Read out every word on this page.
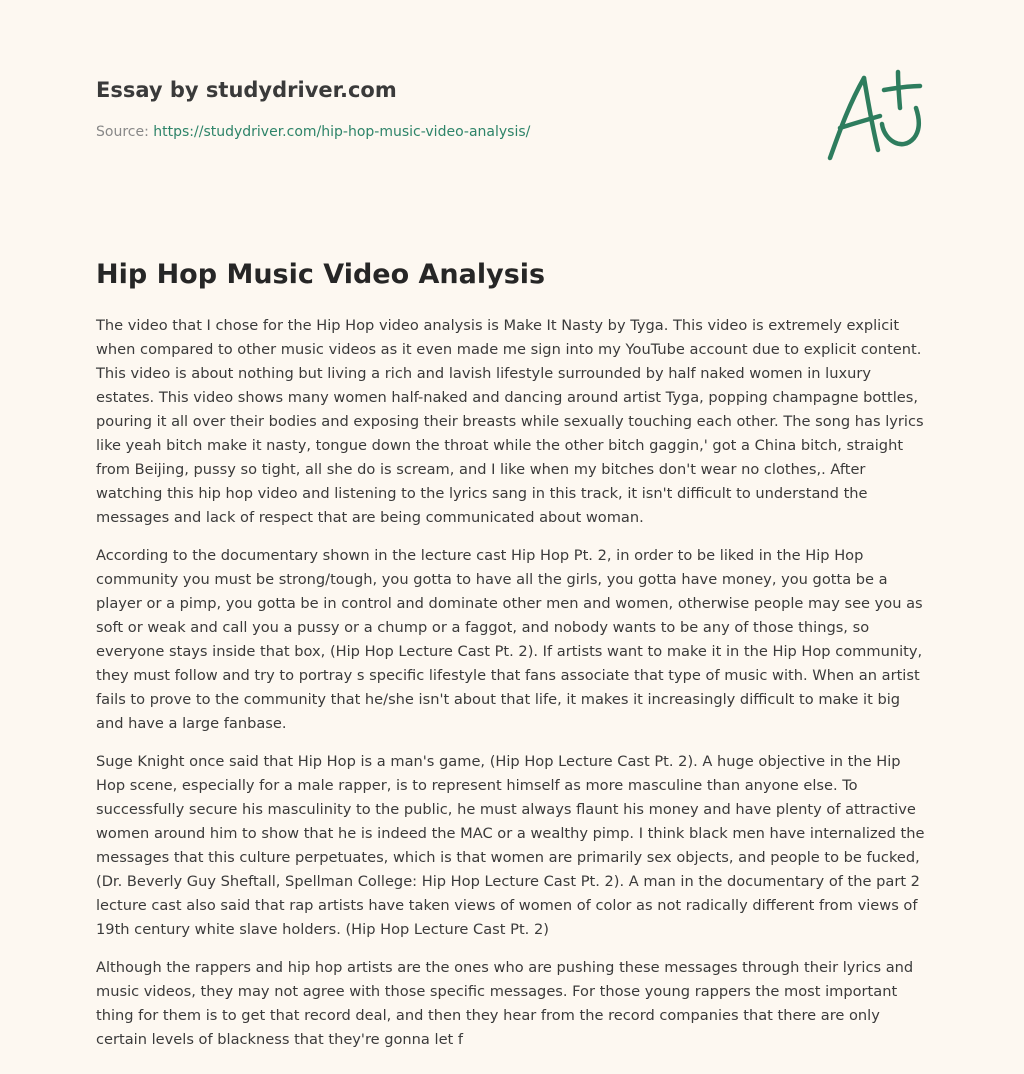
Essay by studydriver.com
Source: https://studydriver.com/hip-hop-music-video-analysis/
Hip Hop Music Video Analysis

The video that I chose for the Hip Hop video analysis is Make It Nasty by Tyga. This video is extremely explicit when compared to other music videos as it even made me sign into my YouTube account due to explicit content. This video is about nothing but living a rich and lavish lifestyle surrounded by half naked women in luxury estates. This video shows many women half-naked and dancing around artist Tyga, popping champagne bottles, pouring it all over their bodies and exposing their breasts while sexually touching each other. The song has lyrics like yeah bitch make it nasty, tongue down the throat while the other bitch gaggin,' got a China bitch, straight from Beijing, pussy so tight, all she do is scream, and I like when my bitches don't wear no clothes,. After watching this hip hop video and listening to the lyrics sang in this track, it isn't difficult to understand the messages and lack of respect that are being communicated about woman.

According to the documentary shown in the lecture cast Hip Hop Pt. 2, in order to be liked in the Hip Hop community you must be strong/tough, you gotta to have all the girls, you gotta have money, you gotta be a player or a pimp, you gotta be in control and dominate other men and women, otherwise people may see you as soft or weak and call you a pussy or a chump or a faggot, and nobody wants to be any of those things, so everyone stays inside that box, (Hip Hop Lecture Cast Pt. 2). If artists want to make it in the Hip Hop community, they must follow and try to portray s specific lifestyle that fans associate that type of music with. When an artist fails to prove to the community that he/she isn't about that life, it makes it increasingly difficult to make it big and have a large fanbase.

Suge Knight once said that Hip Hop is a man's game, (Hip Hop Lecture Cast Pt. 2). A huge objective in the Hip Hop scene, especially for a male rapper, is to represent himself as more masculine than anyone else. To successfully secure his masculinity to the public, he must always flaunt his money and have plenty of attractive women around him to show that he is indeed the MAC or a wealthy pimp. I think black men have internalized the messages that this culture perpetuates, which is that women are primarily sex objects, and people to be fucked, (Dr. Beverly Guy Sheftall, Spellman College: Hip Hop Lecture Cast Pt. 2). A man in the documentary of the part 2 lecture cast also said that rap artists have taken views of women of color as not radically different from views of 19th century white slave holders. (Hip Hop Lecture Cast Pt. 2)

Although the rappers and hip hop artists are the ones who are pushing these messages through their lyrics and music videos, they may not agree with those specific messages. For those young rappers the most important thing for them is to get that record deal, and then they hear from the record companies that there are only certain levels of blackness that they're gonna let f
